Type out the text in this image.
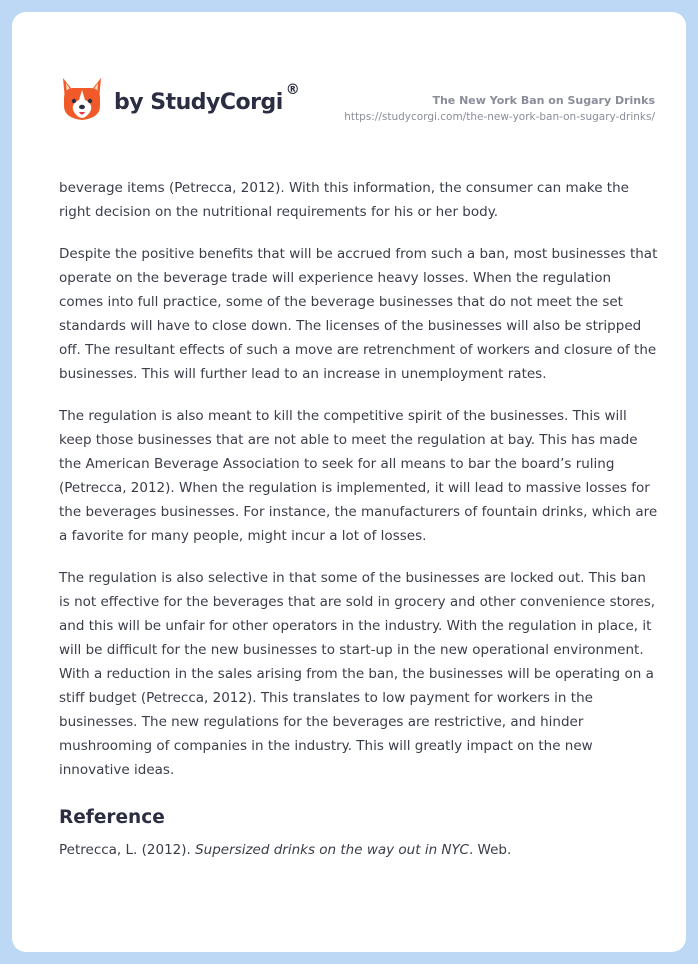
by StudyCorgi ®
The New York Ban on Sugary Drinks
https://studycorgi.com/the-new-york-ban-on-sugary-drinks/

beverage items (Petrecca, 2012). With this information, the consumer can make the right decision on the nutritional requirements for his or her body.

Despite the positive benefits that will be accrued from such a ban, most businesses that operate on the beverage trade will experience heavy losses. When the regulation comes into full practice, some of the beverage businesses that do not meet the set standards will have to close down. The licenses of the businesses will also be stripped off. The resultant effects of such a move are retrenchment of workers and closure of the businesses. This will further lead to an increase in unemployment rates.

The regulation is also meant to kill the competitive spirit of the businesses. This will keep those businesses that are not able to meet the regulation at bay. This has made the American Beverage Association to seek for all means to bar the board’s ruling (Petrecca, 2012). When the regulation is implemented, it will lead to massive losses for the beverages businesses. For instance, the manufacturers of fountain drinks, which are a favorite for many people, might incur a lot of losses.

The regulation is also selective in that some of the businesses are locked out. This ban is not effective for the beverages that are sold in grocery and other convenience stores, and this will be unfair for other operators in the industry. With the regulation in place, it will be difficult for the new businesses to start-up in the new operational environment. With a reduction in the sales arising from the ban, the businesses will be operating on a stiff budget (Petrecca, 2012). This translates to low payment for workers in the businesses. The new regulations for the beverages are restrictive, and hinder mushrooming of companies in the industry. This will greatly impact on the new innovative ideas.

Reference

Petrecca, L. (2012). Supersized drinks on the way out in NYC. Web.
